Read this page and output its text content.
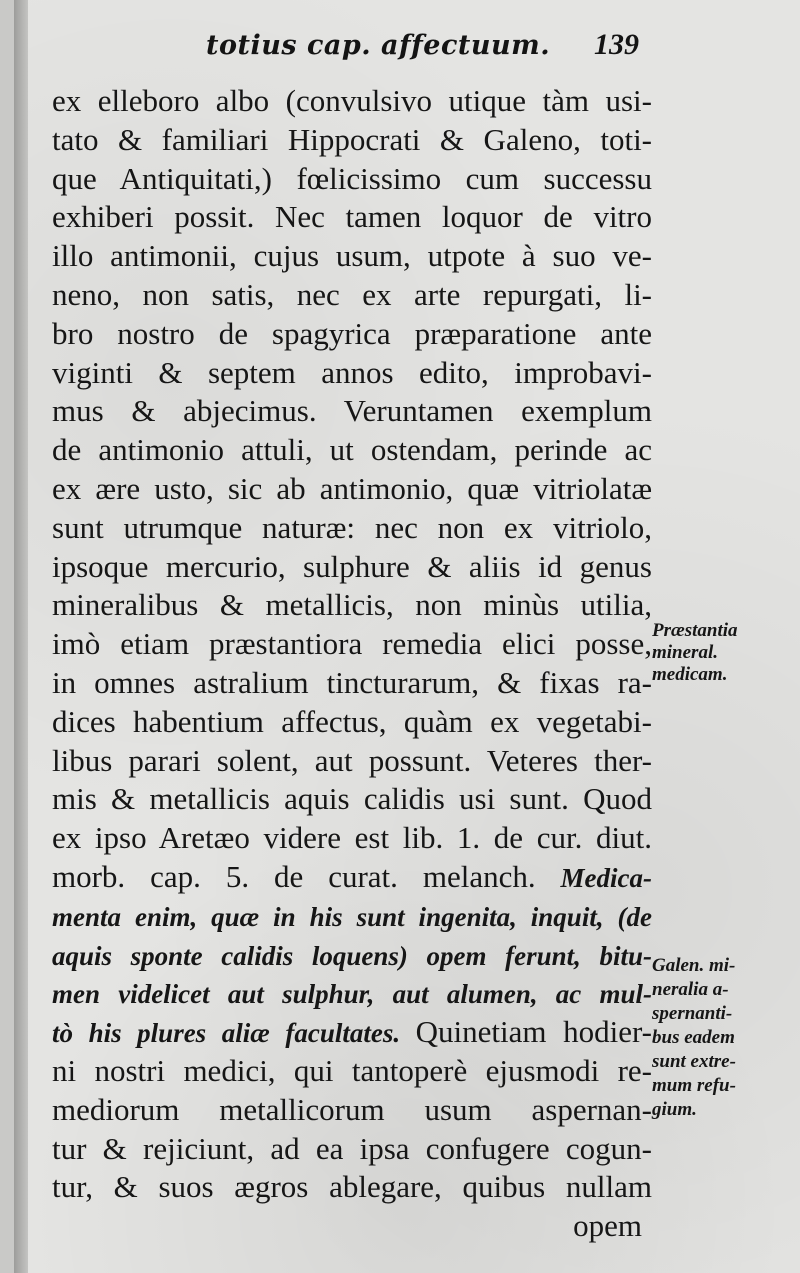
totius cap. affectuum. 139
ex elleboro albo (convulsivo utique tàm usi-
tato & familiari Hippocrati & Galeno, toti-
que Antiquitati,) fœlicissimo cum successu
exhiberi possit. Nec tamen loquor de vitro
illo antimonii, cujus usum, utpote à suo ve-
neno, non satis, nec ex arte repurgati, li-
bro nostro de spagyrica præparatione ante
viginti & septem annos edito, improbavi-
mus & abjecimus. Veruntamen exemplum
de antimonio attuli, ut ostendam, perinde ac
ex ære usto, sic ab antimonio, quæ vitriolatæ
sunt utrumque naturæ: nec non ex vitriolo,
ipsoque mercurio, sulphure & aliis id genus
mineralibus & metallicis, non minùs utilia,
imò etiam præstantiora remedia elici posse,
in omnes astralium tincturarum, & fixas ra-
dices habentium affectus, quàm ex vegetabi-
libus parari solent, aut possunt. Veteres ther-
mis & metallicis aquis calidis usi sunt. Quod
ex ipso Aretæo videre est lib. 1. de cur. diut.
morb. cap. 5. de curat. melanch. Medica-
menta enim, quæ in his sunt ingenita, inquit, (de
aquis sponte calidis loquens) opem ferunt, bitu-
men videlicet aut sulphur, aut alumen, ac mul-
tò his plures aliæ facultates. Quinetiam hodier-
ni nostri medici, qui tantoperè ejusmodi re-
mediorum metallicorum usum aspernan-
tur & rejiciunt, ad ea ipsa confugere cogun-
tur, & suos ægros ablegare, quibus nullam
opem
Præstantia
mineral.
medicam.
Galen. mi-
neralia a-
spernanti-
bus eadem
sunt extre-
mum refu-
gium.
